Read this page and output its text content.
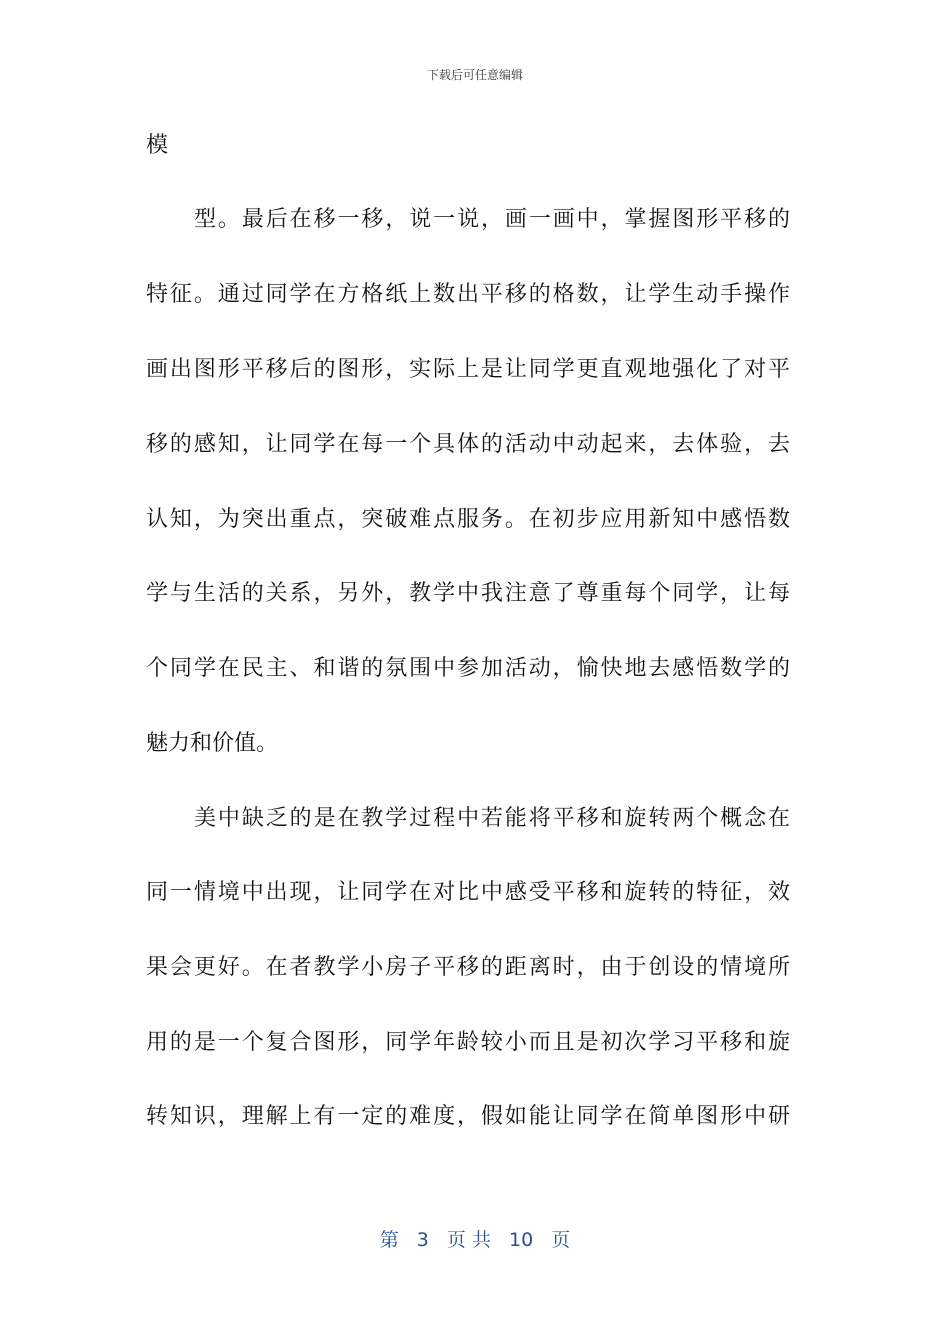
下载后可任意编辑
模
型。最后在移一移，说一说，画一画中，掌握图形平移的
特征。通过同学在方格纸上数出平移的格数，让学生动手操作
画出图形平移后的图形，实际上是让同学更直观地强化了对平
移的感知，让同学在每一个具体的活动中动起来，去体验，去
认知，为突出重点，突破难点服务。在初步应用新知中感悟数
学与生活的关系，另外，教学中我注意了尊重每个同学，让每
个同学在民主、和谐的氛围中参加活动，愉快地去感悟数学的
魅力和价值。
美中缺乏的是在教学过程中若能将平移和旋转两个概念在
同一情境中出现，让同学在对比中感受平移和旋转的特征，效
果会更好。在者教学小房子平移的距离时，由于创设的情境所
用的是一个复合图形，同学年龄较小而且是初次学习平移和旋
转知识，理解上有一定的难度，假如能让同学在简单图形中研
第 3 页 共 10 页
